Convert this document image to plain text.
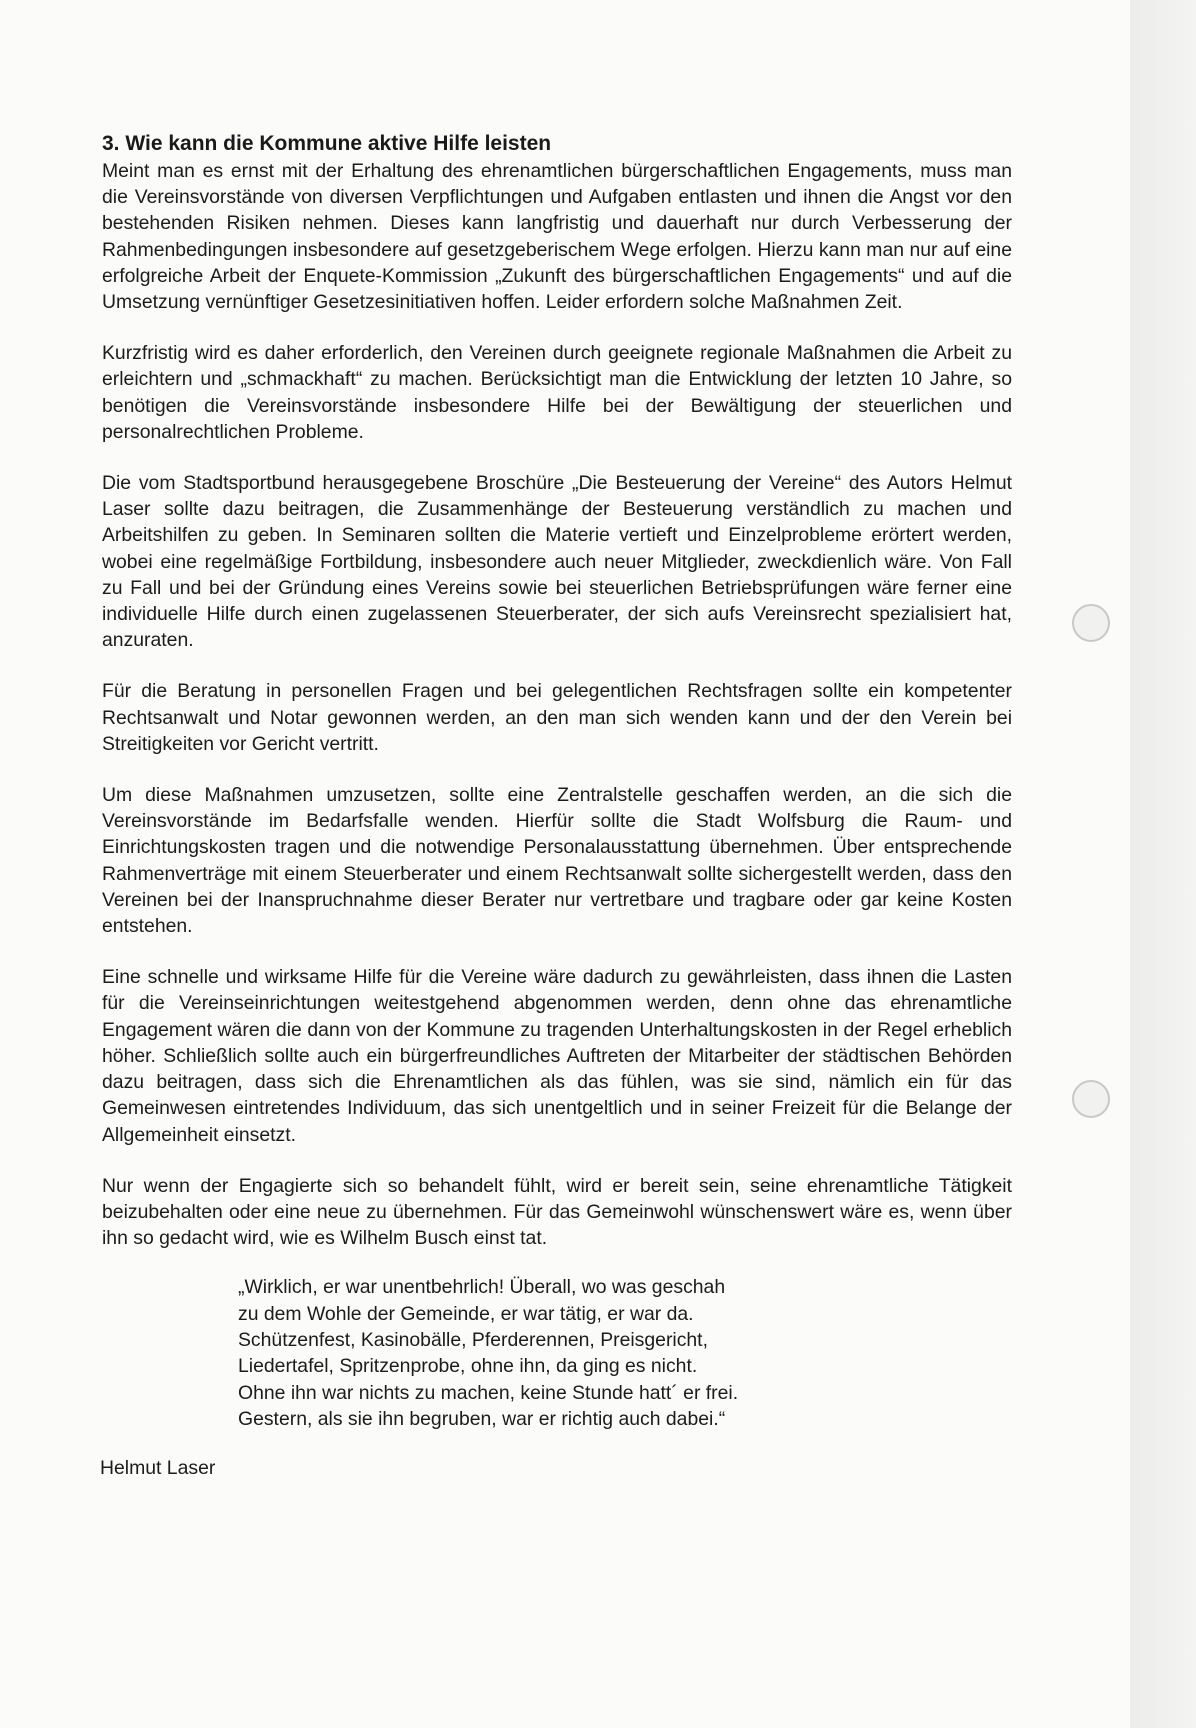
3. Wie kann die Kommune aktive Hilfe leisten

Meint man es ernst mit der Erhaltung des ehrenamtlichen bürgerschaftlichen Engagements, muss man die Vereinsvorstände von diversen Verpflichtungen und Aufgaben entlasten und ihnen die Angst vor den bestehenden Risiken nehmen. Dieses kann langfristig und dauerhaft nur durch Verbesserung der Rahmenbedingungen insbesondere auf gesetzgeberischem Wege erfolgen. Hierzu kann man nur auf eine erfolgreiche Arbeit der Enquete-Kommission „Zukunft des bürgerschaftlichen Engagements“ und auf die Umsetzung vernünftiger Gesetzesinitiativen hoffen. Leider erfordern solche Maßnahmen Zeit.

Kurzfristig wird es daher erforderlich, den Vereinen durch geeignete regionale Maßnahmen die Arbeit zu erleichtern und „schmackhaft“ zu machen. Berücksichtigt man die Entwicklung der letzten 10 Jahre, so benötigen die Vereinsvorstände insbesondere Hilfe bei der Bewältigung der steuerlichen und personalrechtlichen Probleme.

Die vom Stadtsportbund herausgegebene Broschüre „Die Besteuerung der Vereine“ des Autors Helmut Laser sollte dazu beitragen, die Zusammenhänge der Besteuerung verständlich zu machen und Arbeitshilfen zu geben. In Seminaren sollten die Materie vertieft und Einzelprobleme erörtert werden, wobei eine regelmäßige Fortbildung, insbesondere auch neuer Mitglieder, zweckdienlich wäre. Von Fall zu Fall und bei der Gründung eines Vereins sowie bei steuerlichen Betriebsprüfungen wäre ferner eine individuelle Hilfe durch einen zugelassenen Steuerberater, der sich aufs Vereinsrecht spezialisiert hat, anzuraten.

Für die Beratung in personellen Fragen und bei gelegentlichen Rechtsfragen sollte ein kompetenter Rechtsanwalt und Notar gewonnen werden, an den man sich wenden kann und der den Verein bei Streitigkeiten vor Gericht vertritt.

Um diese Maßnahmen umzusetzen, sollte eine Zentralstelle geschaffen werden, an die sich die Vereinsvorstände im Bedarfsfalle wenden. Hierfür sollte die Stadt Wolfsburg die Raum- und Einrichtungskosten tragen und die notwendige Personalausstattung übernehmen. Über entsprechende Rahmenverträge mit einem Steuerberater und einem Rechtsanwalt sollte sichergestellt werden, dass den Vereinen bei der Inanspruchnahme dieser Berater nur vertretbare und tragbare oder gar keine Kosten entstehen.

Eine schnelle und wirksame Hilfe für die Vereine wäre dadurch zu gewährleisten, dass ihnen die Lasten für die Vereinseinrichtungen weitestgehend abgenommen werden, denn ohne das ehrenamtliche Engagement wären die dann von der Kommune zu tragenden Unterhaltungskosten in der Regel erheblich höher. Schließlich sollte auch ein bürgerfreundliches Auftreten der Mitarbeiter der städtischen Behörden dazu beitragen, dass sich die Ehrenamtlichen als das fühlen, was sie sind, nämlich ein für das Gemeinwesen eintretendes Individuum, das sich unentgeltlich und in seiner Freizeit für die Belange der Allgemeinheit einsetzt.

Nur wenn der Engagierte sich so behandelt fühlt, wird er bereit sein, seine ehrenamtliche Tätigkeit beizubehalten oder eine neue zu übernehmen. Für das Gemeinwohl wünschenswert wäre es, wenn über ihn so gedacht wird, wie es Wilhelm Busch einst tat.

„Wirklich, er war unentbehrlich! Überall, wo was geschah
zu dem Wohle der Gemeinde, er war tätig, er war da.
Schützenfest, Kasinobälle, Pferderennen, Preisgericht,
Liedertafel, Spritzenprobe, ohne ihn, da ging es nicht.
Ohne ihn war nichts zu machen, keine Stunde hatt´ er frei.
Gestern, als sie ihn begruben, war er richtig auch dabei.“
Helmut Laser
